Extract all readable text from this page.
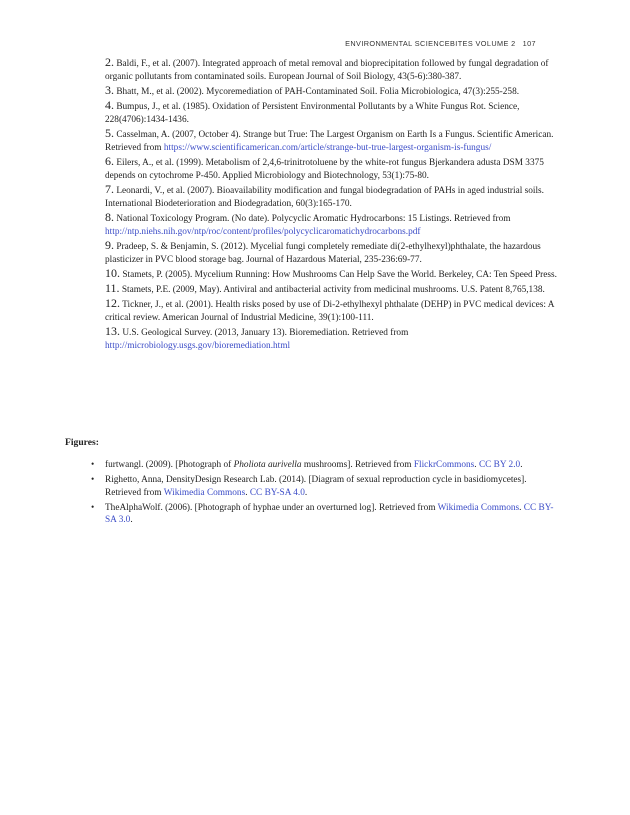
ENVIRONMENTAL SCIENCEBITES VOLUME 2 107
2. Baldi, F., et al. (2007). Integrated approach of metal removal and bioprecipitation followed by fungal degradation of organic pollutants from contaminated soils. European Journal of Soil Biology, 43(5-6):380-387.
3. Bhatt, M., et al. (2002). Mycoremediation of PAH-Contaminated Soil. Folia Microbiologica, 47(3):255-258.
4. Bumpus, J., et al. (1985). Oxidation of Persistent Environmental Pollutants by a White Fungus Rot. Science, 228(4706):1434-1436.
5. Casselman, A. (2007, October 4). Strange but True: The Largest Organism on Earth Is a Fungus. Scientific American. Retrieved from https://www.scientificamerican.com/article/strange-but-true-largest-organism-is-fungus/
6. Eilers, A., et al. (1999). Metabolism of 2,4,6-trinitrotoluene by the white-rot fungus Bjerkandera adusta DSM 3375 depends on cytochrome P-450. Applied Microbiology and Biotechnology, 53(1):75-80.
7. Leonardi, V., et al. (2007). Bioavailability modification and fungal biodegradation of PAHs in aged industrial soils. International Biodeterioration and Biodegradation, 60(3):165-170.
8. National Toxicology Program. (No date). Polycyclic Aromatic Hydrocarbons: 15 Listings. Retrieved from http://ntp.niehs.nih.gov/ntp/roc/content/profiles/polycyclicaromatichydrocarbons.pdf
9. Pradeep, S. & Benjamin, S. (2012). Mycelial fungi completely remediate di(2-ethylhexyl)phthalate, the hazardous plasticizer in PVC blood storage bag. Journal of Hazardous Material, 235-236:69-77.
10. Stamets, P. (2005). Mycelium Running: How Mushrooms Can Help Save the World. Berkeley, CA: Ten Speed Press.
11. Stamets, P.E. (2009, May). Antiviral and antibacterial activity from medicinal mushrooms. U.S. Patent 8,765,138.
12. Tickner, J., et al. (2001). Health risks posed by use of Di-2-ethylhexyl phthalate (DEHP) in PVC medical devices: A critical review. American Journal of Industrial Medicine, 39(1):100-111.
13. U.S. Geological Survey. (2013, January 13). Bioremediation. Retrieved from http://microbiology.usgs.gov/bioremediation.html
Figures:
• furtwangl. (2009). [Photograph of Pholiota aurivella mushrooms]. Retrieved from FlickrCommons. CC BY 2.0.
• Righetto, Anna, DensityDesign Research Lab. (2014). [Diagram of sexual reproduction cycle in basidiomycetes]. Retrieved from Wikimedia Commons. CC BY-SA 4.0.
• TheAlphaWolf. (2006). [Photograph of hyphae under an overturned log]. Retrieved from Wikimedia Commons. CC BY-SA 3.0.
